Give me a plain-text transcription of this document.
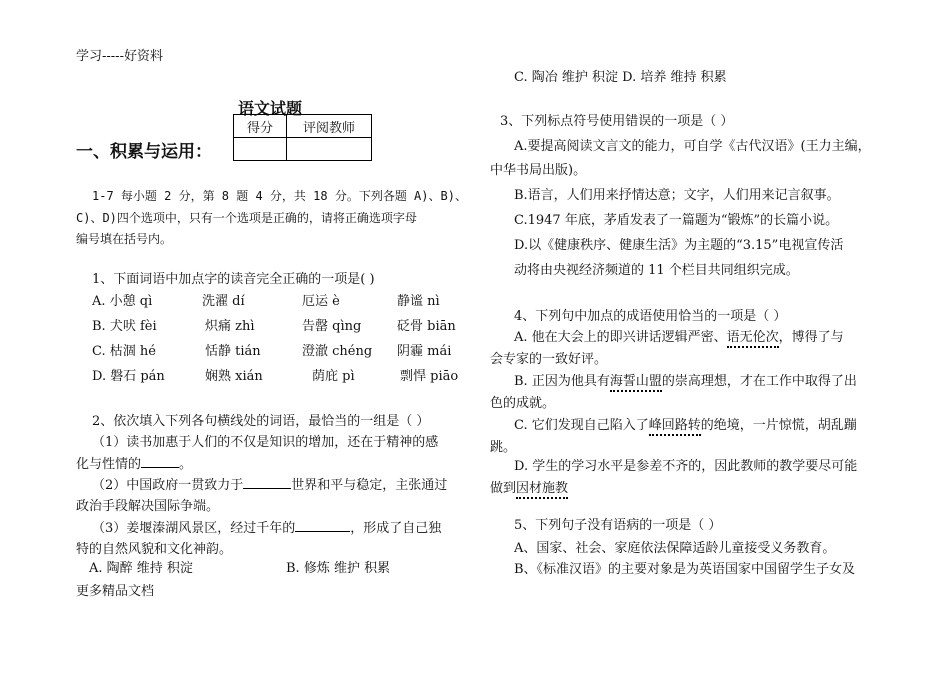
学习-----好资料
更多精品文档
语文试题
一、积累与运用：
得分	评阅教师

1-7 每小题 2 分，第 8 题 4 分，共 18 分。下列各题 A)、B)、
C)、D)四个选项中，只有一个选项是正确的，请将正确选项字母
编号填在括号内。
1、下面词语中加点字的读音完全正确的一项是( )
A. 小憩 qì	洗濯 dí	厄运 è	静谧 nì
B. 犬吠 fèi	炽痛 zhì	告罄 qìng	砭骨 biān
C. 枯涸 hé	恬静 tián	澄澈 chéng 阴霾 mái
D. 磐石 pán	娴熟 xián	荫庇 pì	剽悍 piāo
2、依次填入下列各句横线处的词语，最恰当的一组是（ ）
（1）读书加惠于人们的不仅是知识的增加，还在于精神的感
化与性情的	。
（2）中国政府一贯致力于	世界和平与稳定，主张通过
政治手段解决国际争端。
（3）姜堰溱湖风景区，经过千年的	，形成了自己独
特的自然风貌和文化神韵。
A. 陶醉 维持 积淀	B. 修炼 维护 积累
C. 陶冶 维护 积淀 D. 培养 维持 积累
3、下列标点符号使用错误的一项是（ ）
A.要提高阅读文言文的能力，可自学《古代汉语》(王力主编，
中华书局出版)。
B.语言，人们用来抒情达意；文字，人们用来记言叙事。
C.1947 年底，茅盾发表了一篇题为“锻炼”的长篇小说。
D.以《健康秩序、健康生活》为主题的“3.15”电视宣传活
动将由央视经济频道的 11 个栏目共同组织完成。
4、下列句中加点的成语使用恰当的一项是（ ）
A. 他在大会上的即兴讲话逻辑严密、语无伦次，博得了与
会专家的一致好评。
B. 正因为他具有海誓山盟的崇高理想，才在工作中取得了出
色的成就。
C. 它们发现自己陷入了峰回路转的绝境，一片惊慌，胡乱蹦
跳。
D. 学生的学习水平是参差不齐的，因此教师的教学要尽可能
做到因材施教
5、下列句子没有语病的一项是（ ）
A、国家、社会、家庭依法保障适龄儿童接受义务教育。
B、《标准汉语》的主要对象是为英语国家中国留学生子女及
